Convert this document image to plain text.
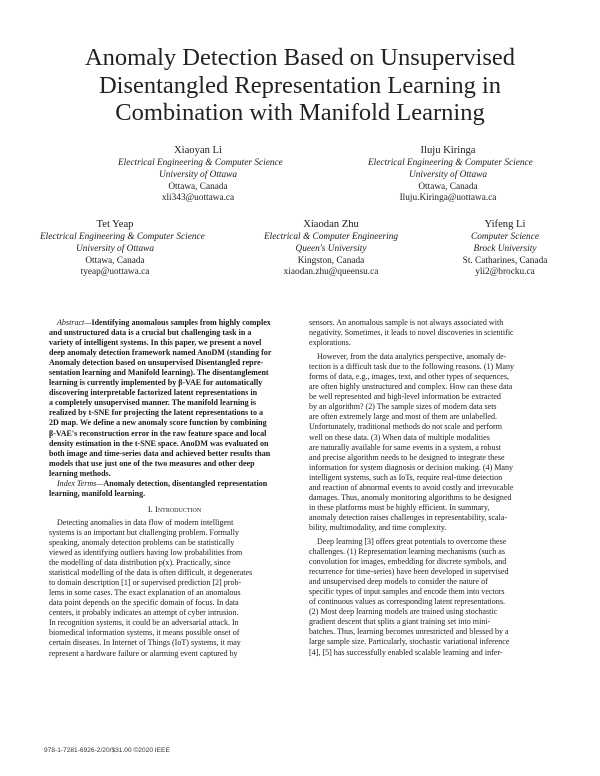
Anomaly Detection Based on Unsupervised
Disentangled Representation Learning in
Combination with Manifold Learning
Xiaoyan Li
Electrical Engineering & Computer Science
University of Ottawa
Ottawa, Canada
xli343@uottawa.ca
Iluju Kiringa
Electrical Engineering & Computer Science
University of Ottawa
Ottawa, Canada
Iluju.Kiringa@uottawa.ca
Tet Yeap
Electrical Engineering & Computer Science
University of Ottawa
Ottawa, Canada
tyeap@uottawa.ca
Xiaodan Zhu
Electrical & Computer Engineering
Queen's University
Kingston, Canada
xiaodan.zhu@queensu.ca
Yifeng Li
Computer Science
Brock University
St. Catharines, Canada
yli2@brocku.ca

Abstract—Identifying anomalous samples from highly complex

and unstructured data is a crucial but challenging task in a

variety of intelligent systems. In this paper, we present a novel

deep anomaly detection framework named AnoDM (standing for

Anomaly detection based on unsupervised Disentangled repre-

sentation learning and Manifold learning). The disentanglement

learning is currently implemented by β-VAE for automatically

discovering interpretable factorized latent representations in

a completely unsupervised manner. The manifold learning is

realized by t-SNE for projecting the latent representations to a

2D map. We define a new anomaly score function by combining

β-VAE's reconstruction error in the raw feature space and local

density estimation in the t-SNE space. AnoDM was evaluated on

both image and time-series data and achieved better results than

models that use just one of the two measures and other deep

learning methods.

Index Terms—Anomaly detection, disentangled representation

learning, manifold learning.

I. Introduction

Detecting anomalies in data flow of modern intelligent

systems is an important but challenging problem. Formally

speaking, anomaly detection problems can be statistically

viewed as identifying outliers having low probabilities from

the modelling of data distribution p(x). Practically, since

statistical modelling of the data is often difficult, it degenerates

to domain description [1] or supervised prediction [2] prob-

lems in some cases. The exact explanation of an anomalous

data point depends on the specific domain of focus. In data

centers, it probably indicates an attempt of cyber intrusion.

In recognition systems, it could be an adversarial attack. In

biomedical information systems, it means possible onset of

certain diseases. In Internet of Things (IoT) systems, it may

represent a hardware failure or alarming event captured by

sensors. An anomalous sample is not always associated with

negativity. Sometimes, it leads to novel discoveries in scientific

explorations.

However, from the data analytics perspective, anomaly de-

tection is a difficult task due to the following reasons. (1) Many

forms of data, e.g., images, text, and other types of sequences,

are often highly unstructured and complex. How can these data

be well represented and high-level information be extracted

by an algorithm? (2) The sample sizes of modern data sets

are often extremely large and most of them are unlabelled.

Unfortunately, traditional methods do not scale and perform

well on these data. (3) When data of multiple modalities

are naturally available for same events in a system, a robust

and precise algorithm needs to be designed to integrate these

information for system diagnosis or decision making. (4) Many

intelligent systems, such as IoTs, require real-time detection

and reaction of abnormal events to avoid costly and irrevocable

damages. Thus, anomaly monitoring algorithms to be designed

in these platforms must be highly efficient. In summary,

anomaly detection raises challenges in representability, scala-

bility, multimodality, and time complexity.

Deep learning [3] offers great potentials to overcome these

challenges. (1) Representation learning mechanisms (such as

convolution for images, embedding for discrete symbols, and

recurrence for time-series) have been developed in supervised

and unsupervised deep models to consider the nature of

specific types of input samples and encode them into vectors

of continuous values as corresponding latent representations.

(2) Most deep learning models are trained using stochastic

gradient descent that splits a giant training set into mini-

batches. Thus, learning becomes unrestricted and blessed by a

large sample size. Particularly, stochastic variational inference

[4], [5] has successfully enabled scalable learning and infer-

978-1-7281-6926-2/20/$31.00 ©2020 IEEE
